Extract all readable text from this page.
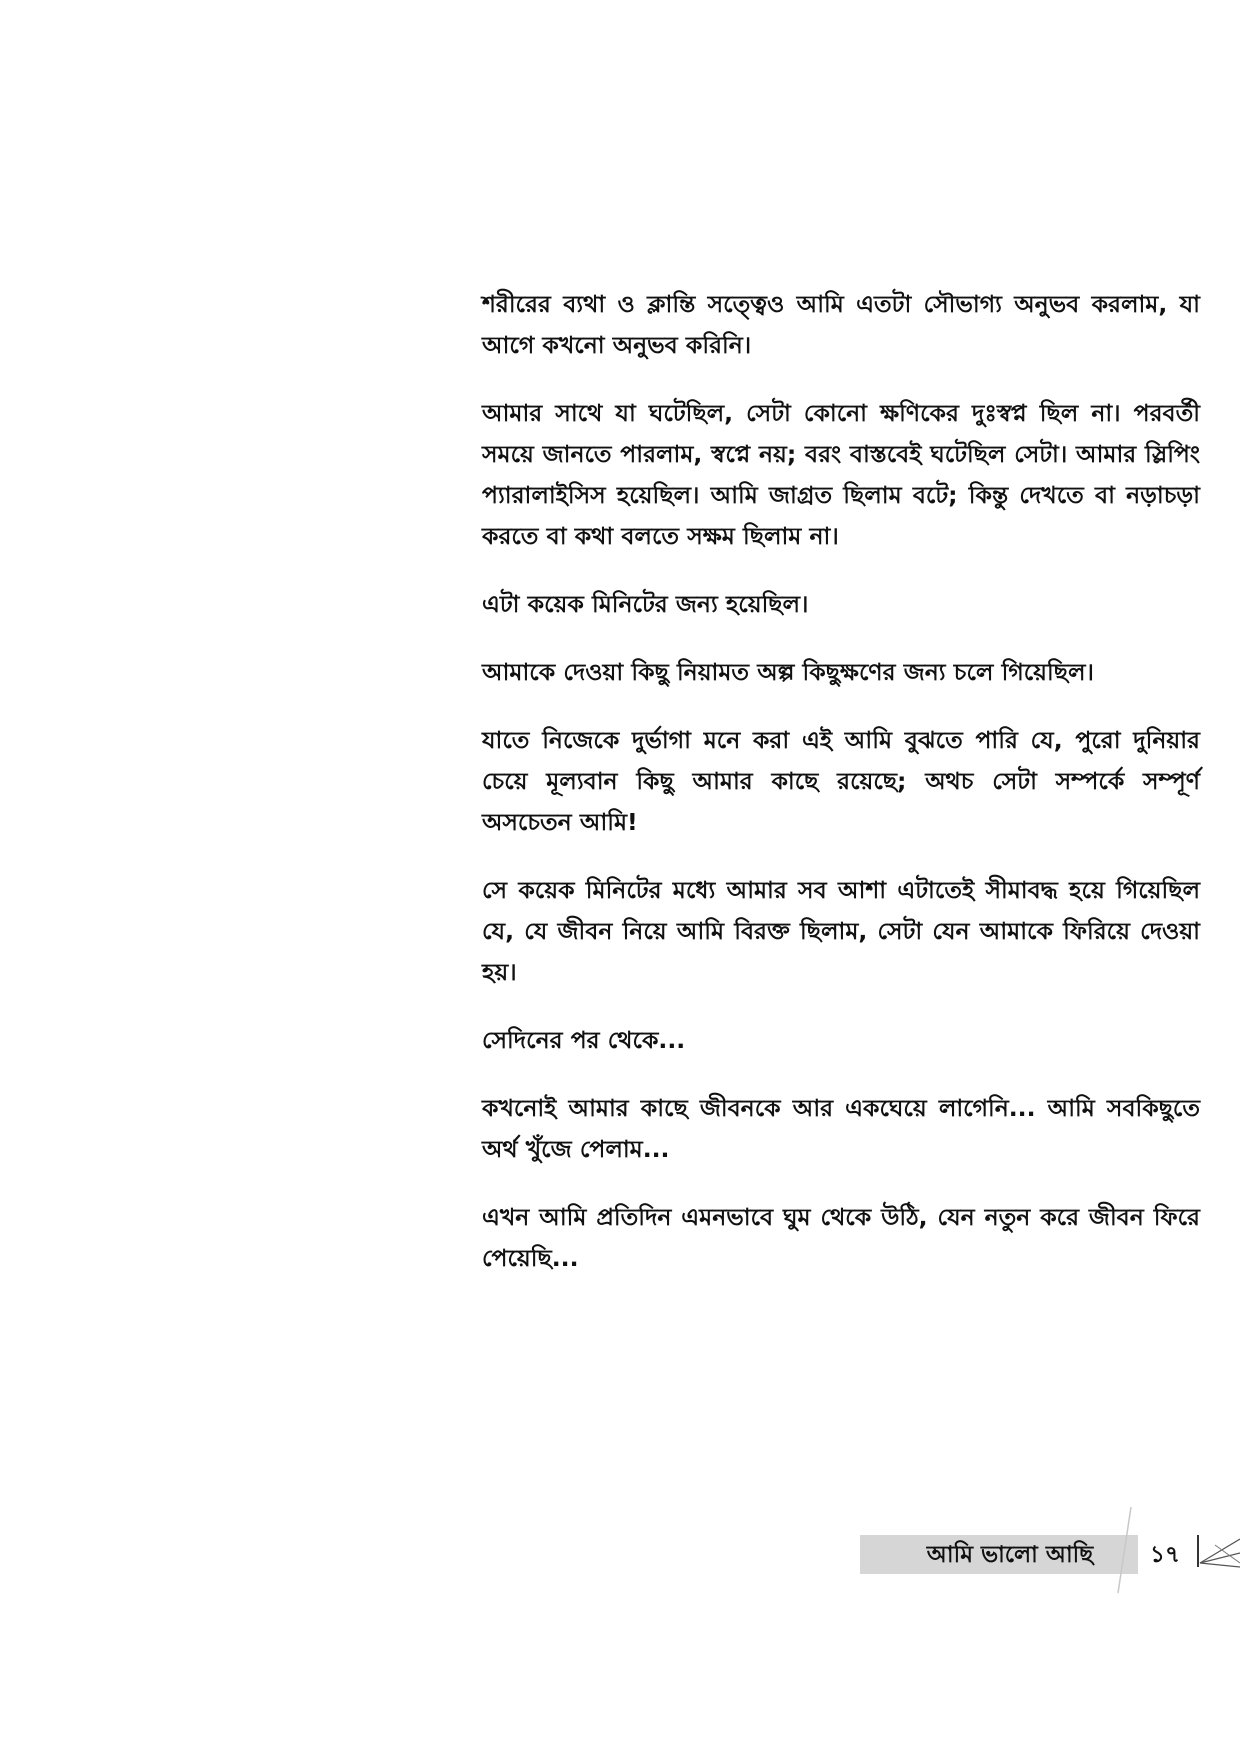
শরীরের ব্যথা ও ক্লান্তি সত্ত্বেও আমি এতটা সৌভাগ্য অনুভব করলাম, যা আগে কখনো অনুভব করিনি।

আমার সাথে যা ঘটেছিল, সেটা কোনো ক্ষণিকের দুঃস্বপ্ন ছিল না। পরবর্তী সময়ে জানতে পারলাম, স্বপ্নে নয়; বরং বাস্তবেই ঘটেছিল সেটা। আমার স্লিপিং প্যারালাইসিস হয়েছিল। আমি জাগ্রত ছিলাম বটে; কিন্তু দেখতে বা নড়াচড়া করতে বা কথা বলতে সক্ষম ছিলাম না।

এটা কয়েক মিনিটের জন্য হয়েছিল।

আমাকে দেওয়া কিছু নিয়ামত অল্প কিছুক্ষণের জন্য চলে গিয়েছিল।

যাতে নিজেকে দুর্ভাগা মনে করা এই আমি বুঝতে পারি যে, পুরো দুনিয়ার চেয়ে মূল্যবান কিছু আমার কাছে রয়েছে; অথচ সেটা সম্পর্কে সম্পূর্ণ অসচেতন আমি!

সে কয়েক মিনিটের মধ্যে আমার সব আশা এটাতেই সীমাবদ্ধ হয়ে গিয়েছিল যে, যে জীবন নিয়ে আমি বিরক্ত ছিলাম, সেটা যেন আমাকে ফিরিয়ে দেওয়া হয়।

সেদিনের পর থেকে...

কখনোই আমার কাছে জীবনকে আর একঘেয়ে লাগেনি... আমি সবকিছুতে অর্থ খুঁজে পেলাম...

এখন আমি প্রতিদিন এমনভাবে ঘুম থেকে উঠি, যেন নতুন করে জীবন ফিরে পেয়েছি...

আমি ভালো আছি	১৭
